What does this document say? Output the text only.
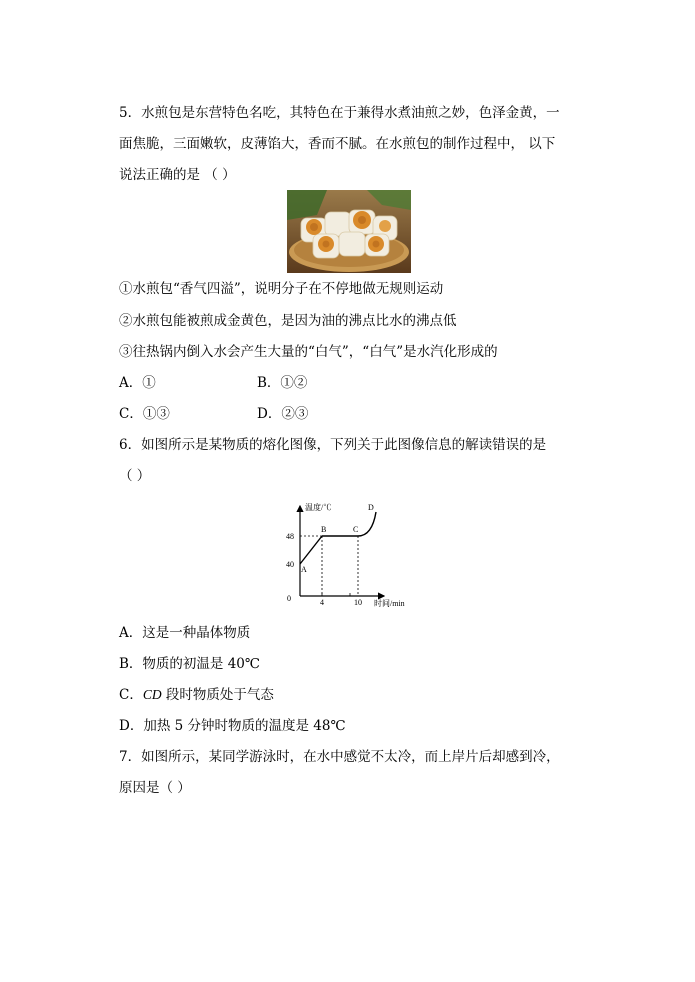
5．水煎包是东营特色名吃，其特色在于兼得水煮油煎之妙，色泽金黄，一
面焦脆，三面嫩软，皮薄馅大，香而不腻。在水煎包的制作过程中， 以下
说法正确的是 （ ）
①水煎包“香气四溢”，说明分子在不停地做无规则运动
②水煎包能被煎成金黄色，是因为油的沸点比水的沸点低
③往热锅内倒入水会产生大量的“白气”，“白气”是水汽化形成的
A．①	B．①②
C．①③	D．②③
6．如图所示是某物质的熔化图像，下列关于此图像信息的解读错误的是
（ ）
温度/℃
时间/min
0
40
48
4	10
A
B	C
D
A．这是一种晶体物质
B．物质的初温是 40℃
C．CD 段时物质处于气态
D．加热 5 分钟时物质的温度是 48℃
7．如图所示，某同学游泳时，在水中感觉不太冷，而上岸片后却感到冷，
原因是（ ）
